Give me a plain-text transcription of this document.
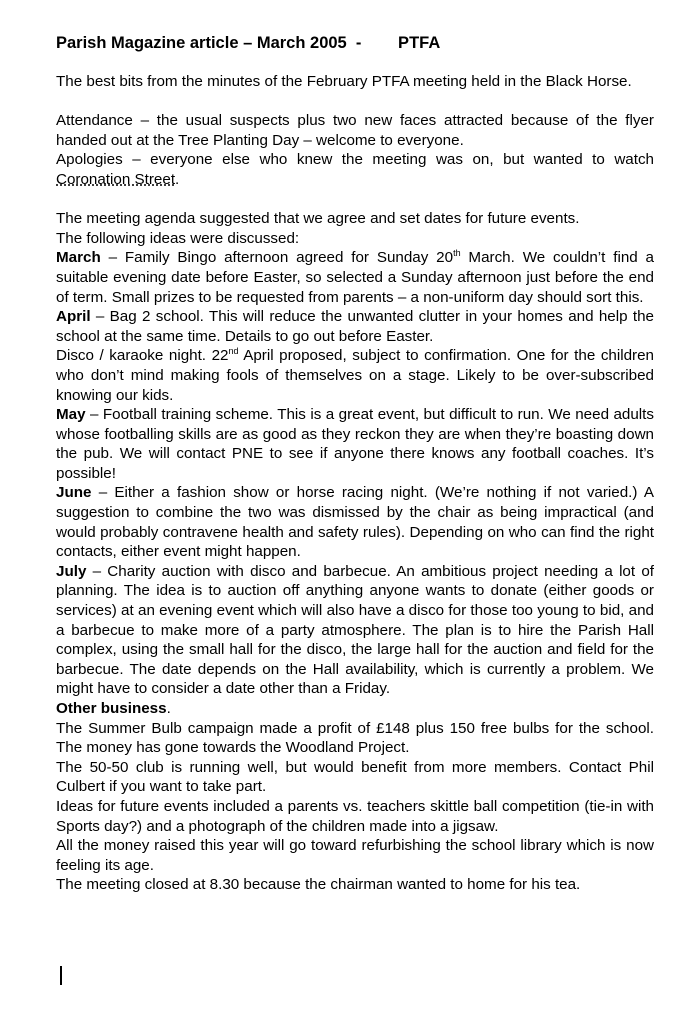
Parish Magazine article – March 2005  -        PTFA

The best bits from the minutes of the February PTFA meeting held in the Black Horse.

Attendance – the usual suspects plus two new faces attracted because of the flyer handed out at the Tree Planting Day – welcome to everyone.

Apologies – everyone else who knew the meeting was on, but wanted to watch Coronation Street.

The meeting agenda suggested that we agree and set dates for future events.

The following ideas were discussed:

March – Family Bingo afternoon agreed for Sunday 20th March. We couldn’t find a suitable evening date before Easter, so selected a Sunday afternoon just before the end of term. Small prizes to be requested from parents – a non-uniform day should sort this.

April – Bag 2 school. This will reduce the unwanted clutter in your homes and help the school at the same time. Details to go out before Easter.

Disco / karaoke night. 22nd April proposed, subject to confirmation. One for the children who don’t mind making fools of themselves on a stage. Likely to be over-subscribed knowing our kids.

May – Football training scheme. This is a great event, but difficult to run. We need adults whose footballing skills are as good as they reckon they are when they’re boasting down the pub. We will contact PNE to see if anyone there knows any football coaches. It’s possible!

June – Either a fashion show or horse racing night. (We’re nothing if not varied.) A suggestion to combine the two was dismissed by the chair as being impractical (and would probably contravene health and safety rules). Depending on who can find the right contacts, either event might happen.

July – Charity auction with disco and barbecue. An ambitious project needing a lot of planning. The idea is to auction off anything anyone wants to donate (either goods or services) at an evening event which will also have a disco for those too young to bid, and a barbecue to make more of a party atmosphere. The plan is to hire the Parish Hall complex, using the small hall for the disco, the large hall for the auction and field for the barbecue. The date depends on the Hall availability, which is currently a problem. We might have to consider a date other than a Friday.

Other business.

The Summer Bulb campaign made a profit of £148 plus 150 free bulbs for the school. The money has gone towards the Woodland Project.

The 50-50 club is running well, but would benefit from more members. Contact Phil Culbert if you want to take part.

Ideas for future events included a parents vs. teachers skittle ball competition (tie-in with Sports day?) and a photograph of the children made into a jigsaw.

All the money raised this year will go toward refurbishing the school library which is now feeling its age.

The meeting closed at 8.30 because the chairman wanted to home for his tea.
